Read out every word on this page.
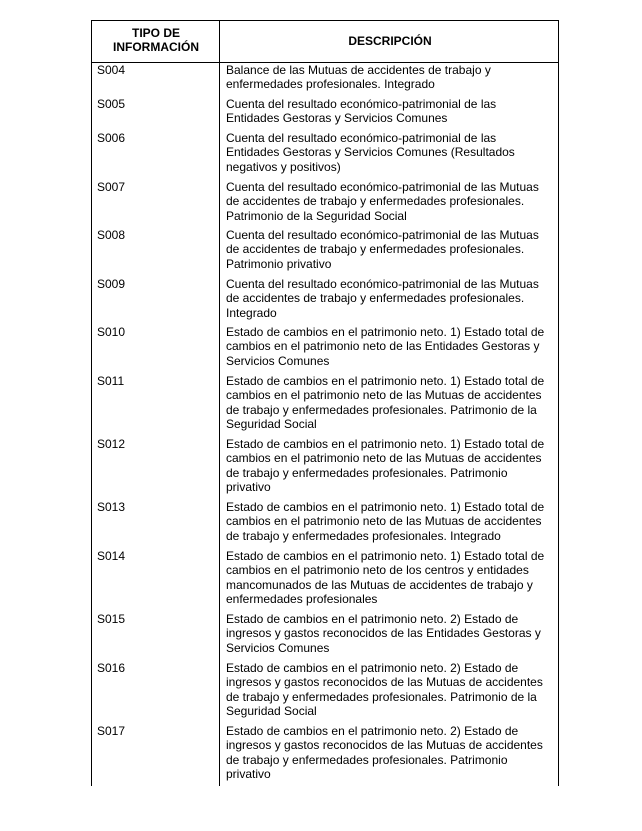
TIPO DE
INFORMACIÓN	DESCRIPCIÓN
S004	Balance de las Mutuas de accidentes de trabajo y
enfermedades profesionales. Integrado
S005	Cuenta del resultado económico-patrimonial de las
Entidades Gestoras y Servicios Comunes
S006	Cuenta del resultado económico-patrimonial de las
Entidades Gestoras y Servicios Comunes (Resultados
negativos y positivos)
S007	Cuenta del resultado económico-patrimonial de las Mutuas
de accidentes de trabajo y enfermedades profesionales.
Patrimonio de la Seguridad Social
S008	Cuenta del resultado económico-patrimonial de las Mutuas
de accidentes de trabajo y enfermedades profesionales.
Patrimonio privativo
S009	Cuenta del resultado económico-patrimonial de las Mutuas
de accidentes de trabajo y enfermedades profesionales.
Integrado
S010	Estado de cambios en el patrimonio neto. 1) Estado total de
cambios en el patrimonio neto de las Entidades Gestoras y
Servicios Comunes
S011	Estado de cambios en el patrimonio neto. 1) Estado total de
cambios en el patrimonio neto de las Mutuas de accidentes
de trabajo y enfermedades profesionales. Patrimonio de la
Seguridad Social
S012	Estado de cambios en el patrimonio neto. 1) Estado total de
cambios en el patrimonio neto de las Mutuas de accidentes
de trabajo y enfermedades profesionales. Patrimonio
privativo
S013	Estado de cambios en el patrimonio neto. 1) Estado total de
cambios en el patrimonio neto de las Mutuas de accidentes
de trabajo y enfermedades profesionales. Integrado
S014	Estado de cambios en el patrimonio neto. 1) Estado total de
cambios en el patrimonio neto de los centros y entidades
mancomunados de las Mutuas de accidentes de trabajo y
enfermedades profesionales
S015	Estado de cambios en el patrimonio neto. 2) Estado de
ingresos y gastos reconocidos de las Entidades Gestoras y
Servicios Comunes
S016	Estado de cambios en el patrimonio neto. 2) Estado de
ingresos y gastos reconocidos de las Mutuas de accidentes
de trabajo y enfermedades profesionales. Patrimonio de la
Seguridad Social
S017	Estado de cambios en el patrimonio neto. 2) Estado de
ingresos y gastos reconocidos de las Mutuas de accidentes
de trabajo y enfermedades profesionales. Patrimonio
privativo
